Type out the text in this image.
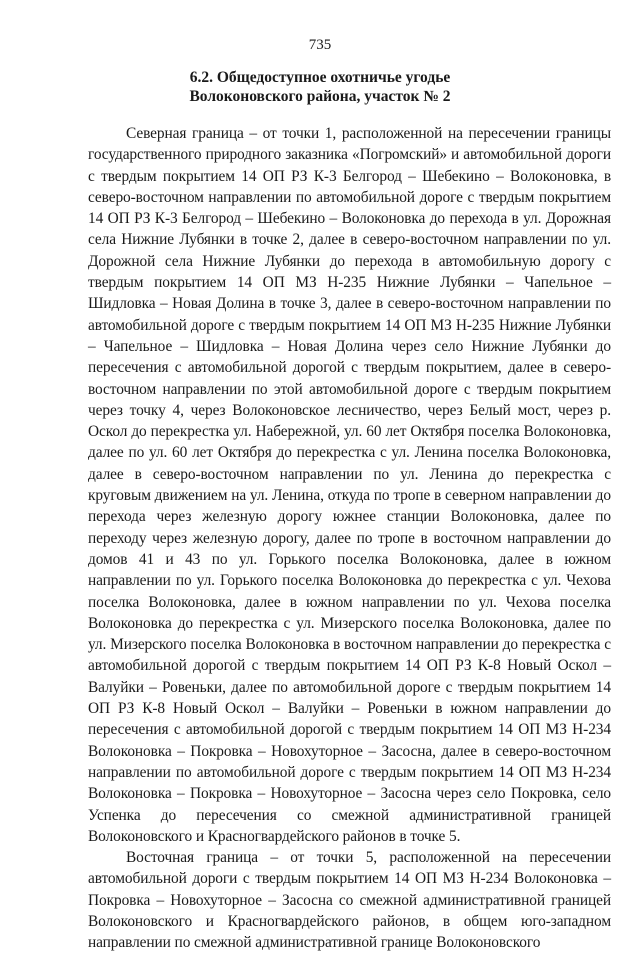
735
6.2. Общедоступное охотничье угодье
Волоконовского района, участок № 2

Северная граница – от точки 1, расположенной на пересечении границы государственного природного заказника «Погромский» и автомобильной дороги с твердым покрытием 14 ОП РЗ К-3 Белгород – Шебекино – Волоконовка, в северо-восточном направлении по автомобильной дороге с твердым покрытием 14 ОП РЗ К-3 Белгород – Шебекино – Волоконовка до перехода в ул. Дорожная села Нижние Лубянки в точке 2, далее в северо-восточном направлении по ул. Дорожной села Нижние Лубянки до перехода в автомобильную дорогу с твердым покрытием 14 ОП МЗ Н-235 Нижние Лубянки – Чапельное – Шидловка – Новая Долина в точке 3, далее в северо-восточном направлении по автомобильной дороге с твердым покрытием 14 ОП МЗ Н-235 Нижние Лубянки – Чапельное – Шидловка – Новая Долина через село Нижние Лубянки до пересечения с автомобильной дорогой с твердым покрытием, далее в северо-восточном направлении по этой автомобильной дороге с твердым покрытием через точку 4, через Волоконовское лесничество, через Белый мост, через р. Оскол до перекрестка ул. Набережной, ул. 60 лет Октября поселка Волоконовка, далее по ул. 60 лет Октября до перекрестка с ул. Ленина поселка Волоконовка, далее в северо-восточном направлении по ул. Ленина до перекрестка с круговым движением на ул. Ленина, откуда по тропе в северном направлении до перехода через железную дорогу южнее станции Волоконовка, далее по переходу через железную дорогу, далее по тропе в восточном направлении до домов 41 и 43 по ул. Горького поселка Волоконовка, далее в южном направлении по ул. Горького поселка Волоконовка до перекрестка с ул. Чехова поселка Волоконовка, далее в южном направлении по ул. Чехова поселка Волоконовка до перекрестка с ул. Мизерского поселка Волоконовка, далее по ул. Мизерского поселка Волоконовка в восточном направлении до перекрестка с автомобильной дорогой с твердым покрытием 14 ОП РЗ К-8 Новый Оскол – Валуйки – Ровеньки, далее по автомобильной дороге с твердым покрытием 14 ОП РЗ К-8 Новый Оскол – Валуйки – Ровеньки в южном направлении до пересечения с автомобильной дорогой с твердым покрытием 14 ОП МЗ Н-234 Волоконовка – Покровка – Новохуторное – Засосна, далее в северо-восточном направлении по автомобильной дороге с твердым покрытием 14 ОП МЗ Н-234 Волоконовка – Покровка – Новохуторное – Засосна через село Покровка, село Успенка до пересечения со смежной административной границей Волоконовского и Красногвардейского районов в точке 5.

Восточная граница – от точки 5, расположенной на пересечении автомобильной дороги с твердым покрытием 14 ОП МЗ Н-234 Волоконовка – Покровка – Новохуторное – Засосна со смежной административной границей Волоконовского и Красногвардейского районов, в общем юго-западном направлении по смежной административной границе Волоконовского
